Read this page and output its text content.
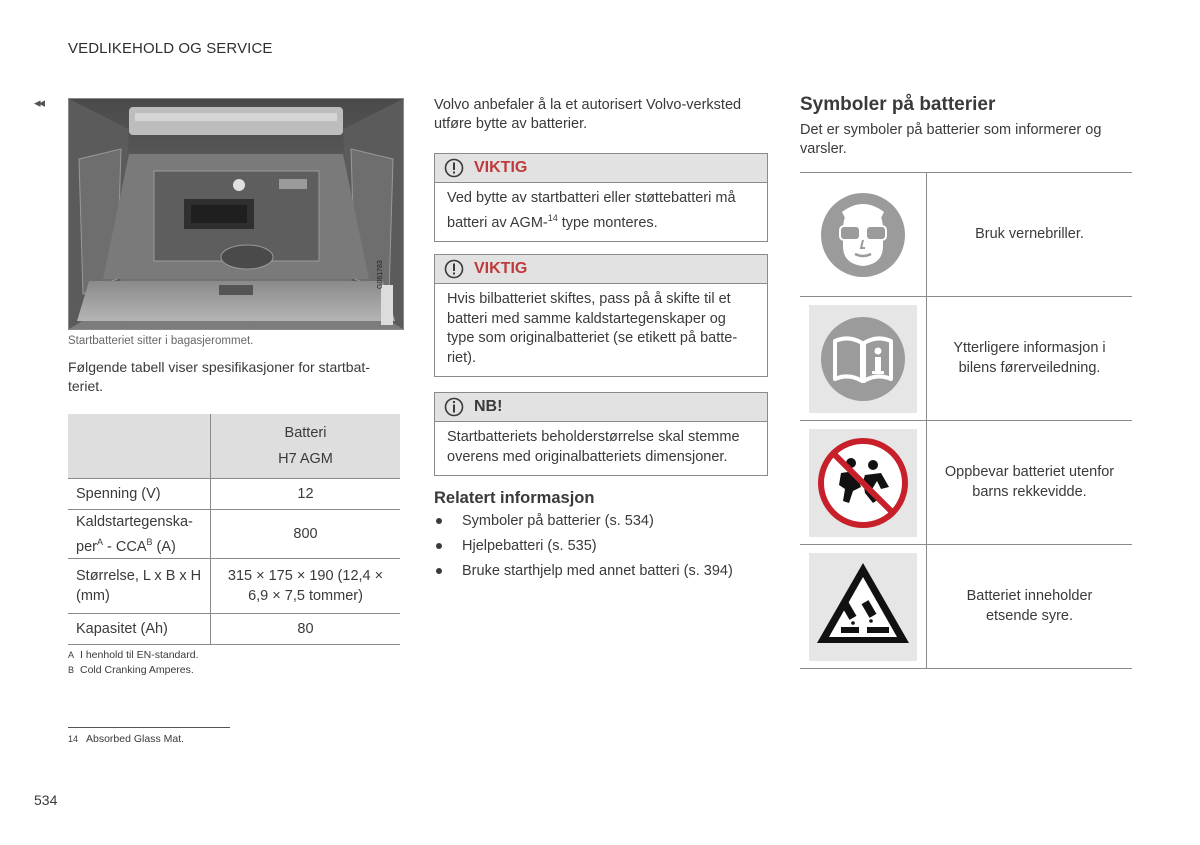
VEDLIKEHOLD OG SERVICE
◂◂
G061783
Startbatteriet sitter i bagasjerommet.
Følgende tabell viser spesifikasjoner for startbat-teriet.

	Batteri
H7 AGM

Spenning (V)	12
Kaldstartegenska-per$^A$ - $CCA^B$ (A)	800
Størrelse, L x B x H (mm)	315 × 175 × 190 (12,4 × 6,9 × 7,5 tommer)
Kapasitet (Ah)	80
A I henhold til EN-standard.
B Cold Cranking Amperes.
14 Absorbed Glass Mat.
534
Volvo anbefaler å la et autorisert Volvo-verksted utføre bytte av batterier.
VIKTIG
Ved bytte av startbatteri eller støttebatteri må batteri av AGM-$^{14}$ type monteres.
VIKTIG
Hvis bilbatteriet skiftes, pass på å skifte til et batteri med samme kaldstartegenskaper og type som originalbatteriet (se etikett på batte-riet).
NB!
Startbatteriets beholderstørrelse skal stemme overens med originalbatteriets dimensjoner.
Relatert informasjon
Symboler på batterier (s. 534)
Hjelpebatteri (s. 535)
Bruke starthjelp med annet batteri (s. 394)
Symboler på batterier
Det er symboler på batterier som informerer og varsler.
Bruk vernebriller.
Ytterligere informasjon i bilens førerveiledning.
Oppbevar batteriet utenfor barns rekkevidde.
Batteriet inneholder etsende syre.
